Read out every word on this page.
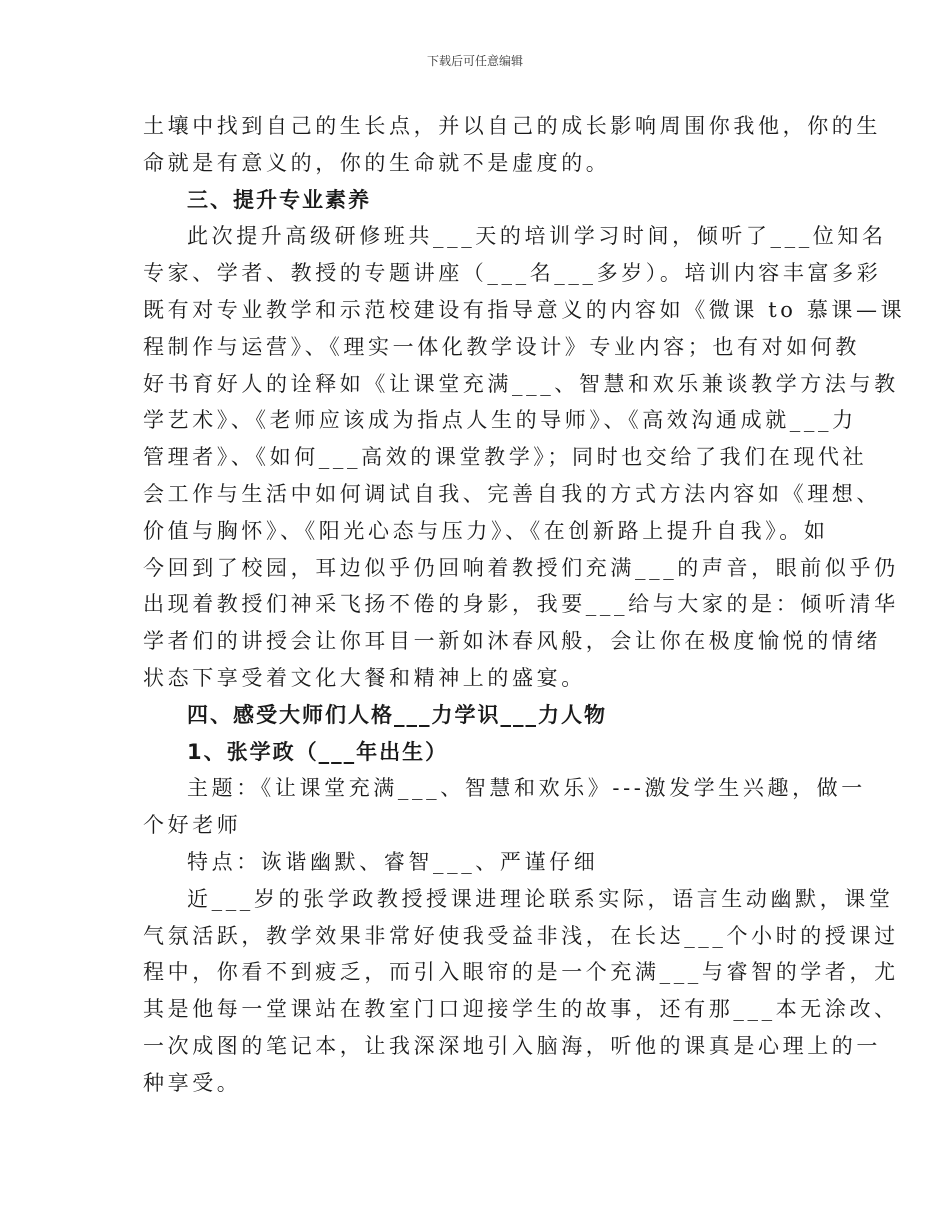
下载后可任意编辑
土壤中找到自己的生长点，并以自己的成长影响周围你我他，你的生
命就是有意义的，你的生命就不是虚度的。
三、提升专业素养
此次提升高级研修班共___天的培训学习时间，倾听了___位知名
专家、学者、教授的专题讲座（___名___多岁）。培训内容丰富多彩
既有对专业教学和示范校建设有指导意义的内容如《微课 to 慕课—课
程制作与运营》、《理实一体化教学设计》专业内容；也有对如何教
好书育好人的诠释如《让课堂充满___、智慧和欢乐兼谈教学方法与教
学艺术》、《老师应该成为指点人生的导师》、《高效沟通成就___力
管理者》、《如何___高效的课堂教学》；同时也交给了我们在现代社
会工作与生活中如何调试自我、完善自我的方式方法内容如《理想、
价值与胸怀》、《阳光心态与压力》、《在创新路上提升自我》。如
今回到了校园，耳边似乎仍回响着教授们充满___的声音，眼前似乎仍
出现着教授们神采飞扬不倦的身影，我要___给与大家的是：倾听清华
学者们的讲授会让你耳目一新如沐春风般，会让你在极度愉悦的情绪
状态下享受着文化大餐和精神上的盛宴。
四、感受大师们人格___力学识___力人物
1、张学政（___年出生）
主题：《让课堂充满___、智慧和欢乐》---激发学生兴趣，做一
个好老师
特点：诙谐幽默、睿智___、严谨仔细
近___岁的张学政教授授课进理论联系实际，语言生动幽默，课堂
气氛活跃，教学效果非常好使我受益非浅，在长达___个小时的授课过
程中，你看不到疲乏，而引入眼帘的是一个充满___与睿智的学者，尤
其是他每一堂课站在教室门口迎接学生的故事，还有那___本无涂改、
一次成图的笔记本，让我深深地引入脑海，听他的课真是心理上的一
种享受。
